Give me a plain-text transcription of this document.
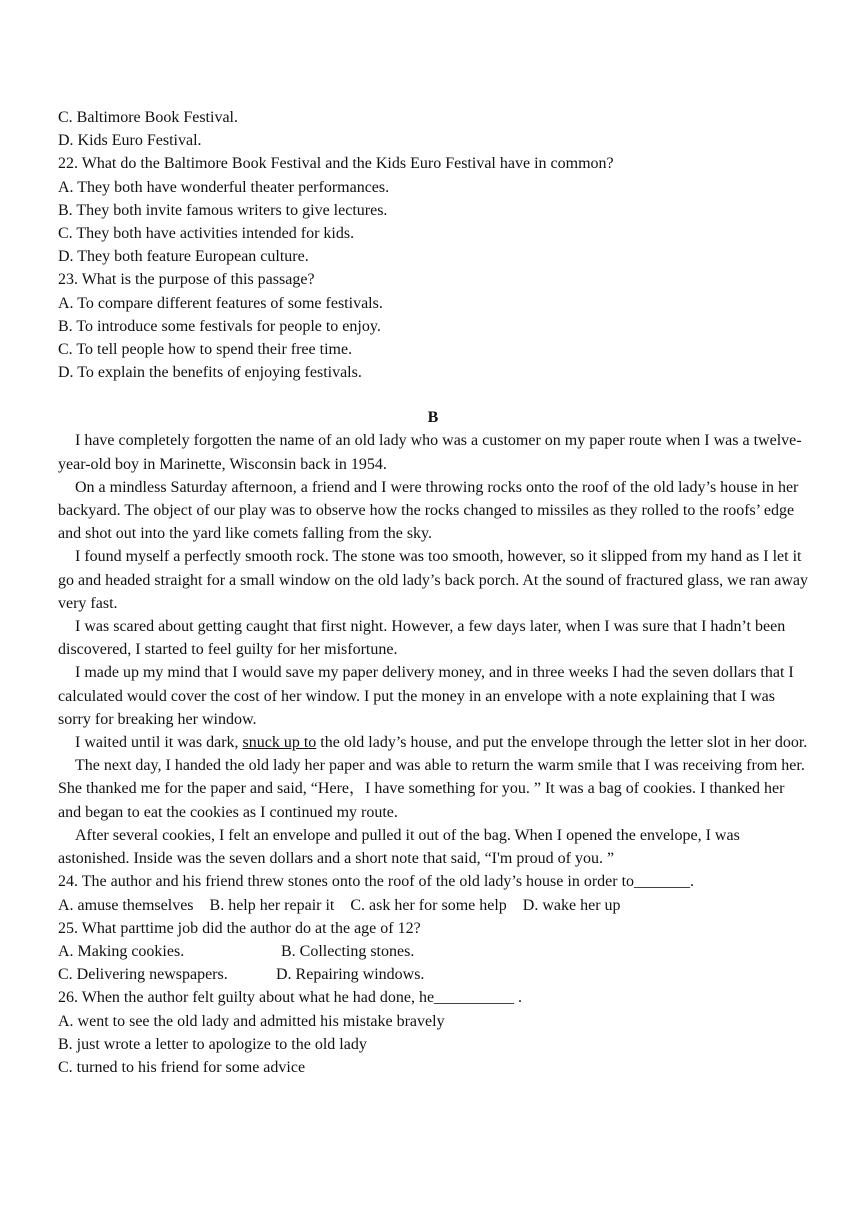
C. Baltimore Book Festival.

D. Kids Euro Festival.

22. What do the Baltimore Book Festival and the Kids Euro Festival have in common?

A. They both have wonderful theater performances.

B. They both invite famous writers to give lectures.

C. They both have activities intended for kids.

D. They both feature European culture.

23. What is the purpose of this passage?

A. To compare different features of some festivals.

B. To introduce some festivals for people to enjoy.

C. To tell people how to spend their free time.

D. To explain the benefits of enjoying festivals.

B

I have completely forgotten the name of an old lady who was a customer on my paper route when I was a twelve-year-old boy in Marinette, Wisconsin back in 1954.

On a mindless Saturday afternoon, a friend and I were throwing rocks onto the roof of the old lady’s house in her backyard. The object of our play was to observe how the rocks changed to missiles as they rolled to the roofs’ edge and shot out into the yard like comets falling from the sky.

I found myself a perfectly smooth rock. The stone was too smooth, however, so it slipped from my hand as I let it go and headed straight for a small window on the old lady’s back porch. At the sound of fractured glass, we ran away very fast.

I was scared about getting caught that first night. However, a few days later, when I was sure that I hadn’t been discovered, I started to feel guilty for her misfortune.

I made up my mind that I would save my paper delivery money, and in three weeks I had the seven dollars that I calculated would cover the cost of her window. I put the money in an envelope with a note explaining that I was sorry for breaking her window.

I waited until it was dark, snuck up to the old lady’s house, and put the envelope through the letter slot in her door.

The next day, I handed the old lady her paper and was able to return the warm smile that I was receiving from her. She thanked me for the paper and said, “Here，I have something for you. ” It was a bag of cookies. I thanked her and began to eat the cookies as I continued my route.

After several cookies, I felt an envelope and pulled it out of the bag. When I opened the envelope, I was astonished. Inside was the seven dollars and a short note that said, “I'm proud of you. ”

24. The author and his friend threw stones onto the roof of the old lady’s house in order to_______.

A. amuse themselves B. help her repair it C. ask her for some help D. wake her up

25. What parttime job did the author do at the age of 12?

A. Making cookies.	B. Collecting stones.

C. Delivering newspapers.	D. Repairing windows.

26. When the author felt guilty about what he had done, he__________ .

A. went to see the old lady and admitted his mistake bravely

B. just wrote a letter to apologize to the old lady

C. turned to his friend for some advice
